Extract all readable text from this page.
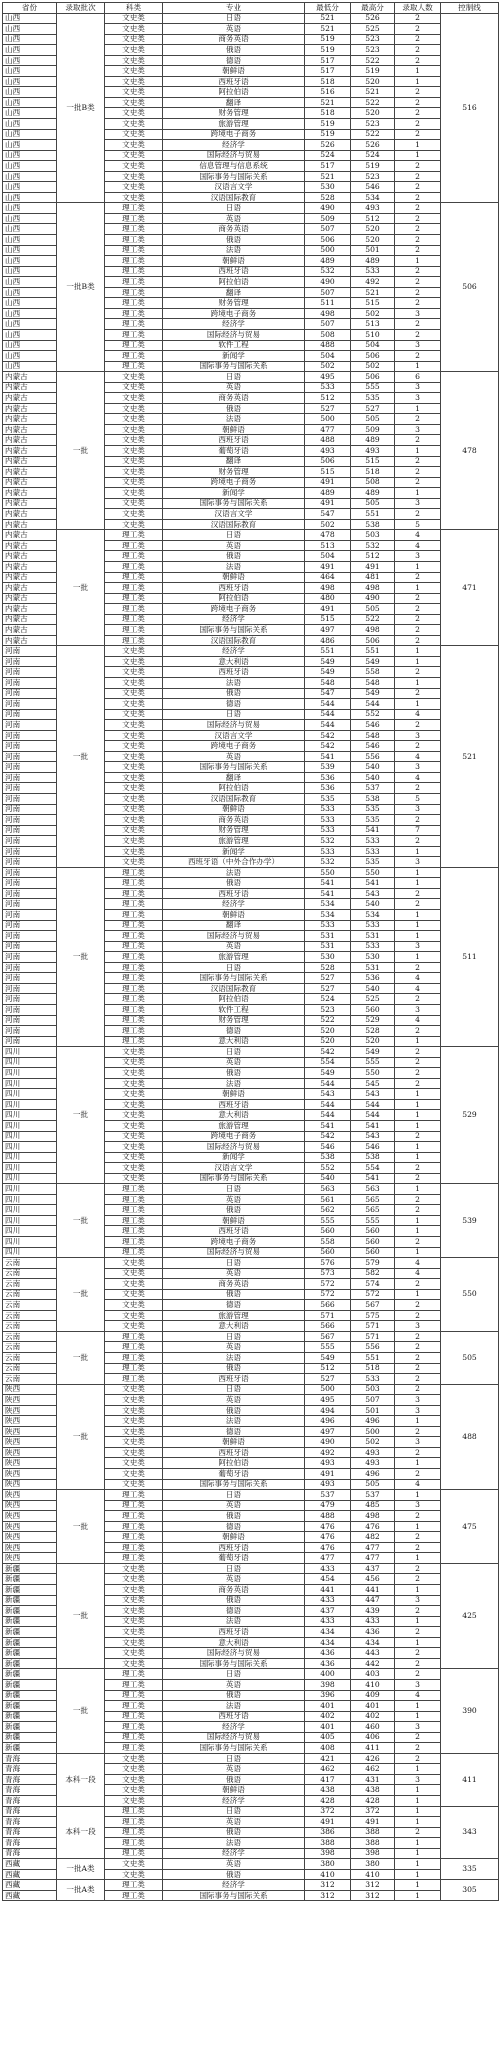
省份	录取批次	科类	专业	最低分	最高分	录取人数	控制线
山西	一批B类	文史类	日语	521	526	2	516
山西		文史类	英语	521	525	2	
山西		文史类	商务英语	519	523	2	
山西		文史类	俄语	519	523	2	
山西		文史类	德语	517	522	2	
山西		文史类	朝鲜语	517	519	1	
山西		文史类	西班牙语	518	520	1	
山西		文史类	阿拉伯语	516	521	2	
山西		文史类	翻译	521	522	2	
山西		文史类	财务管理	518	520	2	
山西		文史类	旅游管理	519	523	2	
山西		文史类	跨境电子商务	519	522	2	
山西		文史类	经济学	526	526	1	
山西		文史类	国际经济与贸易	524	524	1	
山西		文史类	信息管理与信息系统	517	519	2	
山西		文史类	国际事务与国际关系	521	523	2	
山西		文史类	汉语言文学	530	546	2	
山西		文史类	汉语国际教育	528	534	2	
山西	一批B类	理工类	日语	490	493	2	506
山西		理工类	英语	509	512	2	
山西		理工类	商务英语	507	520	2	
山西		理工类	俄语	506	520	2	
山西		理工类	法语	500	501	2	
山西		理工类	朝鲜语	489	489	1	
山西		理工类	西班牙语	532	533	2	
山西		理工类	阿拉伯语	490	492	2	
山西		理工类	翻译	507	521	2	
山西		理工类	财务管理	511	515	2	
山西		理工类	跨境电子商务	498	502	3	
山西		理工类	经济学	507	513	2	
山西		理工类	国际经济与贸易	508	510	2	
山西		理工类	软件工程	488	504	3	
山西		理工类	新闻学	504	506	2	
山西		理工类	国际事务与国际关系	502	502	1	
内蒙古	一批	文史类	日语	495	506	6	478
内蒙古		文史类	英语	533	555	3	
内蒙古		文史类	商务英语	512	535	3	
内蒙古		文史类	俄语	527	527	1	
内蒙古		文史类	法语	500	505	2	
内蒙古		文史类	朝鲜语	477	509	3	
内蒙古		文史类	西班牙语	488	489	2	
内蒙古		文史类	葡萄牙语	493	493	1	
内蒙古		文史类	翻译	506	515	2	
内蒙古		文史类	财务管理	515	518	2	
内蒙古		文史类	跨境电子商务	491	508	2	
内蒙古		文史类	新闻学	489	489	1	
内蒙古		文史类	国际事务与国际关系	491	505	3	
内蒙古		文史类	汉语言文学	547	551	2	
内蒙古		文史类	汉语国际教育	502	538	5	
内蒙古	一批	理工类	日语	478	503	4	471
内蒙古		理工类	英语	513	532	4	
内蒙古		理工类	俄语	504	512	3	
内蒙古		理工类	法语	491	491	1	
内蒙古		理工类	朝鲜语	464	481	2	
内蒙古		理工类	西班牙语	498	498	1	
内蒙古		理工类	阿拉伯语	480	490	2	
内蒙古		理工类	跨境电子商务	491	505	2	
内蒙古		理工类	经济学	515	522	2	
内蒙古		理工类	国际事务与国际关系	497	498	2	
内蒙古		理工类	汉语国际教育	486	506	2	
河南	一批	文史类	经济学	551	551	1	521
河南		文史类	意大利语	549	549	1	
河南		文史类	西班牙语	549	558	2	
河南		文史类	法语	548	548	1	
河南		文史类	俄语	547	549	2	
河南		文史类	德语	544	544	1	
河南		文史类	日语	544	552	4	
河南		文史类	国际经济与贸易	544	546	2	
河南		文史类	汉语言文学	542	548	3	
河南		文史类	跨境电子商务	542	546	2	
河南		文史类	英语	541	556	4	
河南		文史类	国际事务与国际关系	539	540	3	
河南		文史类	翻译	536	540	4	
河南		文史类	阿拉伯语	536	537	2	
河南		文史类	汉语国际教育	535	538	5	
河南		文史类	朝鲜语	533	535	3	
河南		文史类	商务英语	533	535	2	
河南		文史类	财务管理	533	541	7	
河南		文史类	旅游管理	532	533	2	
河南		文史类	新闻学	533	533	1	
河南		文史类	西班牙语（中外合作办学）	532	535	3	
河南	一批	理工类	法语	550	550	1	511
河南		理工类	俄语	541	541	1	
河南		理工类	西班牙语	541	543	2	
河南		理工类	经济学	534	540	2	
河南		理工类	朝鲜语	534	534	1	
河南		理工类	翻译	533	533	1	
河南		理工类	国际经济与贸易	531	531	1	
河南		理工类	英语	531	533	3	
河南		理工类	旅游管理	530	530	1	
河南		理工类	日语	528	531	2	
河南		理工类	国际事务与国际关系	527	536	4	
河南		理工类	汉语国际教育	527	540	4	
河南		理工类	阿拉伯语	524	525	2	
河南		理工类	软件工程	523	560	3	
河南		理工类	财务管理	522	529	4	
河南		理工类	德语	520	528	2	
河南		理工类	意大利语	520	520	1	
四川	一批	文史类	日语	542	549	2	529
四川		文史类	英语	554	555	2	
四川		文史类	俄语	549	550	2	
四川		文史类	法语	544	545	2	
四川		文史类	朝鲜语	543	543	1	
四川		文史类	西班牙语	544	544	1	
四川		文史类	意大利语	544	544	1	
四川		文史类	旅游管理	541	541	1	
四川		文史类	跨境电子商务	542	543	2	
四川		文史类	国际经济与贸易	546	546	1	
四川		文史类	新闻学	538	538	1	
四川		文史类	汉语言文学	552	554	2	
四川		文史类	国际事务与国际关系	540	541	2	
四川	一批	理工类	日语	563	563	1	539
四川		理工类	英语	561	565	2	
四川		理工类	俄语	562	565	2	
四川		理工类	朝鲜语	555	555	1	
四川		理工类	西班牙语	560	560	1	
四川		理工类	跨境电子商务	558	560	2	
四川		理工类	国际经济与贸易	560	560	1	
云南	一批	文史类	日语	576	579	4	550
云南		文史类	英语	573	582	4	
云南		文史类	商务英语	572	574	2	
云南		文史类	俄语	572	572	1	
云南		文史类	德语	566	567	2	
云南		文史类	旅游管理	571	575	2	
云南		文史类	意大利语	566	571	3	
云南	一批	理工类	日语	567	571	2	505
云南		理工类	英语	555	556	2	
云南		理工类	法语	549	551	2	
云南		理工类	俄语	512	518	2	
云南		理工类	西班牙语	527	533	2	
陕西	一批	文史类	日语	500	503	2	488
陕西		文史类	英语	495	507	3	
陕西		文史类	俄语	494	501	3	
陕西		文史类	法语	496	496	1	
陕西		文史类	德语	497	500	2	
陕西		文史类	朝鲜语	490	502	3	
陕西		文史类	西班牙语	492	493	2	
陕西		文史类	阿拉伯语	493	493	1	
陕西		文史类	葡萄牙语	491	496	2	
陕西		文史类	国际事务与国际关系	493	505	4	
陕西	一批	理工类	日语	537	537	1	475
陕西		理工类	英语	479	485	3	
陕西		理工类	俄语	488	498	2	
陕西		理工类	德语	476	476	1	
陕西		理工类	朝鲜语	476	482	2	
陕西		理工类	西班牙语	476	477	2	
陕西		理工类	葡萄牙语	477	477	1	
新疆	一批	文史类	日语	433	437	2	425
新疆		文史类	英语	454	456	2	
新疆		文史类	商务英语	441	441	1	
新疆		文史类	俄语	433	447	3	
新疆		文史类	德语	437	439	2	
新疆		文史类	法语	433	433	1	
新疆		文史类	西班牙语	434	436	2	
新疆		文史类	意大利语	434	434	1	
新疆		文史类	国际经济与贸易	436	443	2	
新疆		文史类	国际事务与国际关系	436	442	2	
新疆	一批	理工类	日语	400	403	2	390
新疆		理工类	英语	398	410	3	
新疆		理工类	俄语	396	409	4	
新疆		理工类	法语	401	401	1	
新疆		理工类	西班牙语	402	402	1	
新疆		理工类	经济学	401	460	3	
新疆		理工类	国际经济与贸易	405	406	2	
新疆		理工类	国际事务与国际关系	408	411	2	
青海	本科一段	文史类	日语	421	426	2	411
青海		文史类	英语	462	462	1	
青海		文史类	俄语	417	431	3	
青海		文史类	朝鲜语	438	438	1	
青海		文史类	经济学	428	428	1	
青海	本科一段	理工类	日语	372	372	1	343
青海		理工类	英语	491	491	1	
青海		理工类	俄语	386	388	2	
青海		理工类	法语	388	388	1	
青海		理工类	经济学	398	398	1	
西藏	一批A类	文史类	英语	380	380	1	335
西藏		文史类	俄语	410	410	1	
西藏	一批A类	理工类	经济学	312	312	1	305
西藏		理工类	国际事务与国际关系	312	312	1	
